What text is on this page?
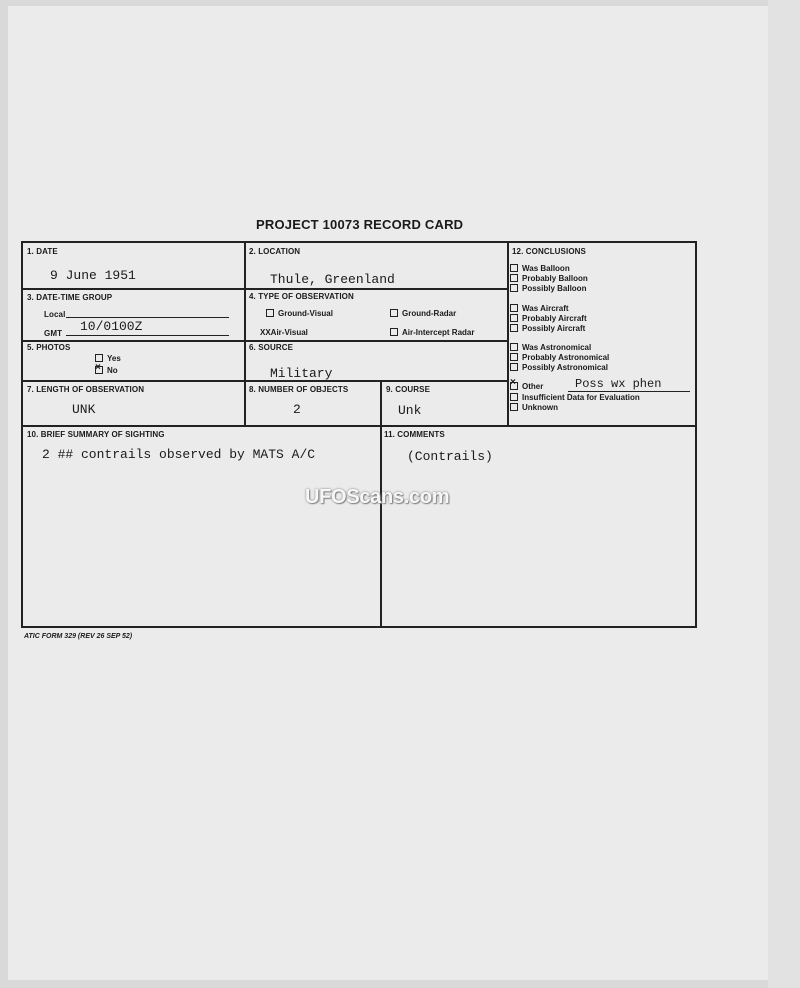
PROJECT 10073 RECORD CARD
1. DATE
9 June 1951
2. LOCATION
Thule, Greenland
3. DATE-TIME GROUP
Local
GMT 10/0100Z
4. TYPE OF OBSERVATION
Ground-Visual	Ground-Radar
XXAir-Visual	Air-Intercept Radar
5. PHOTOS
Yes
×No
6. SOURCE
Military
7. LENGTH OF OBSERVATION
UNK
8. NUMBER OF OBJECTS
2
9. COURSE
Unk
10. BRIEF SUMMARY OF SIGHTING
2 ## contrails observed by MATS A/C
11. COMMENTS
(Contrails)
12. CONCLUSIONS
Was Balloon
Probably Balloon
Possibly Balloon
Was Aircraft
Probably Aircraft
Possibly Aircraft
Was Astronomical
Probably Astronomical
Possibly Astronomical
×Other	Poss wx phen
Insufficient Data for Evaluation
Unknown
UFOScans.com
ATIC FORM 329 (REV 26 SEP 52)
